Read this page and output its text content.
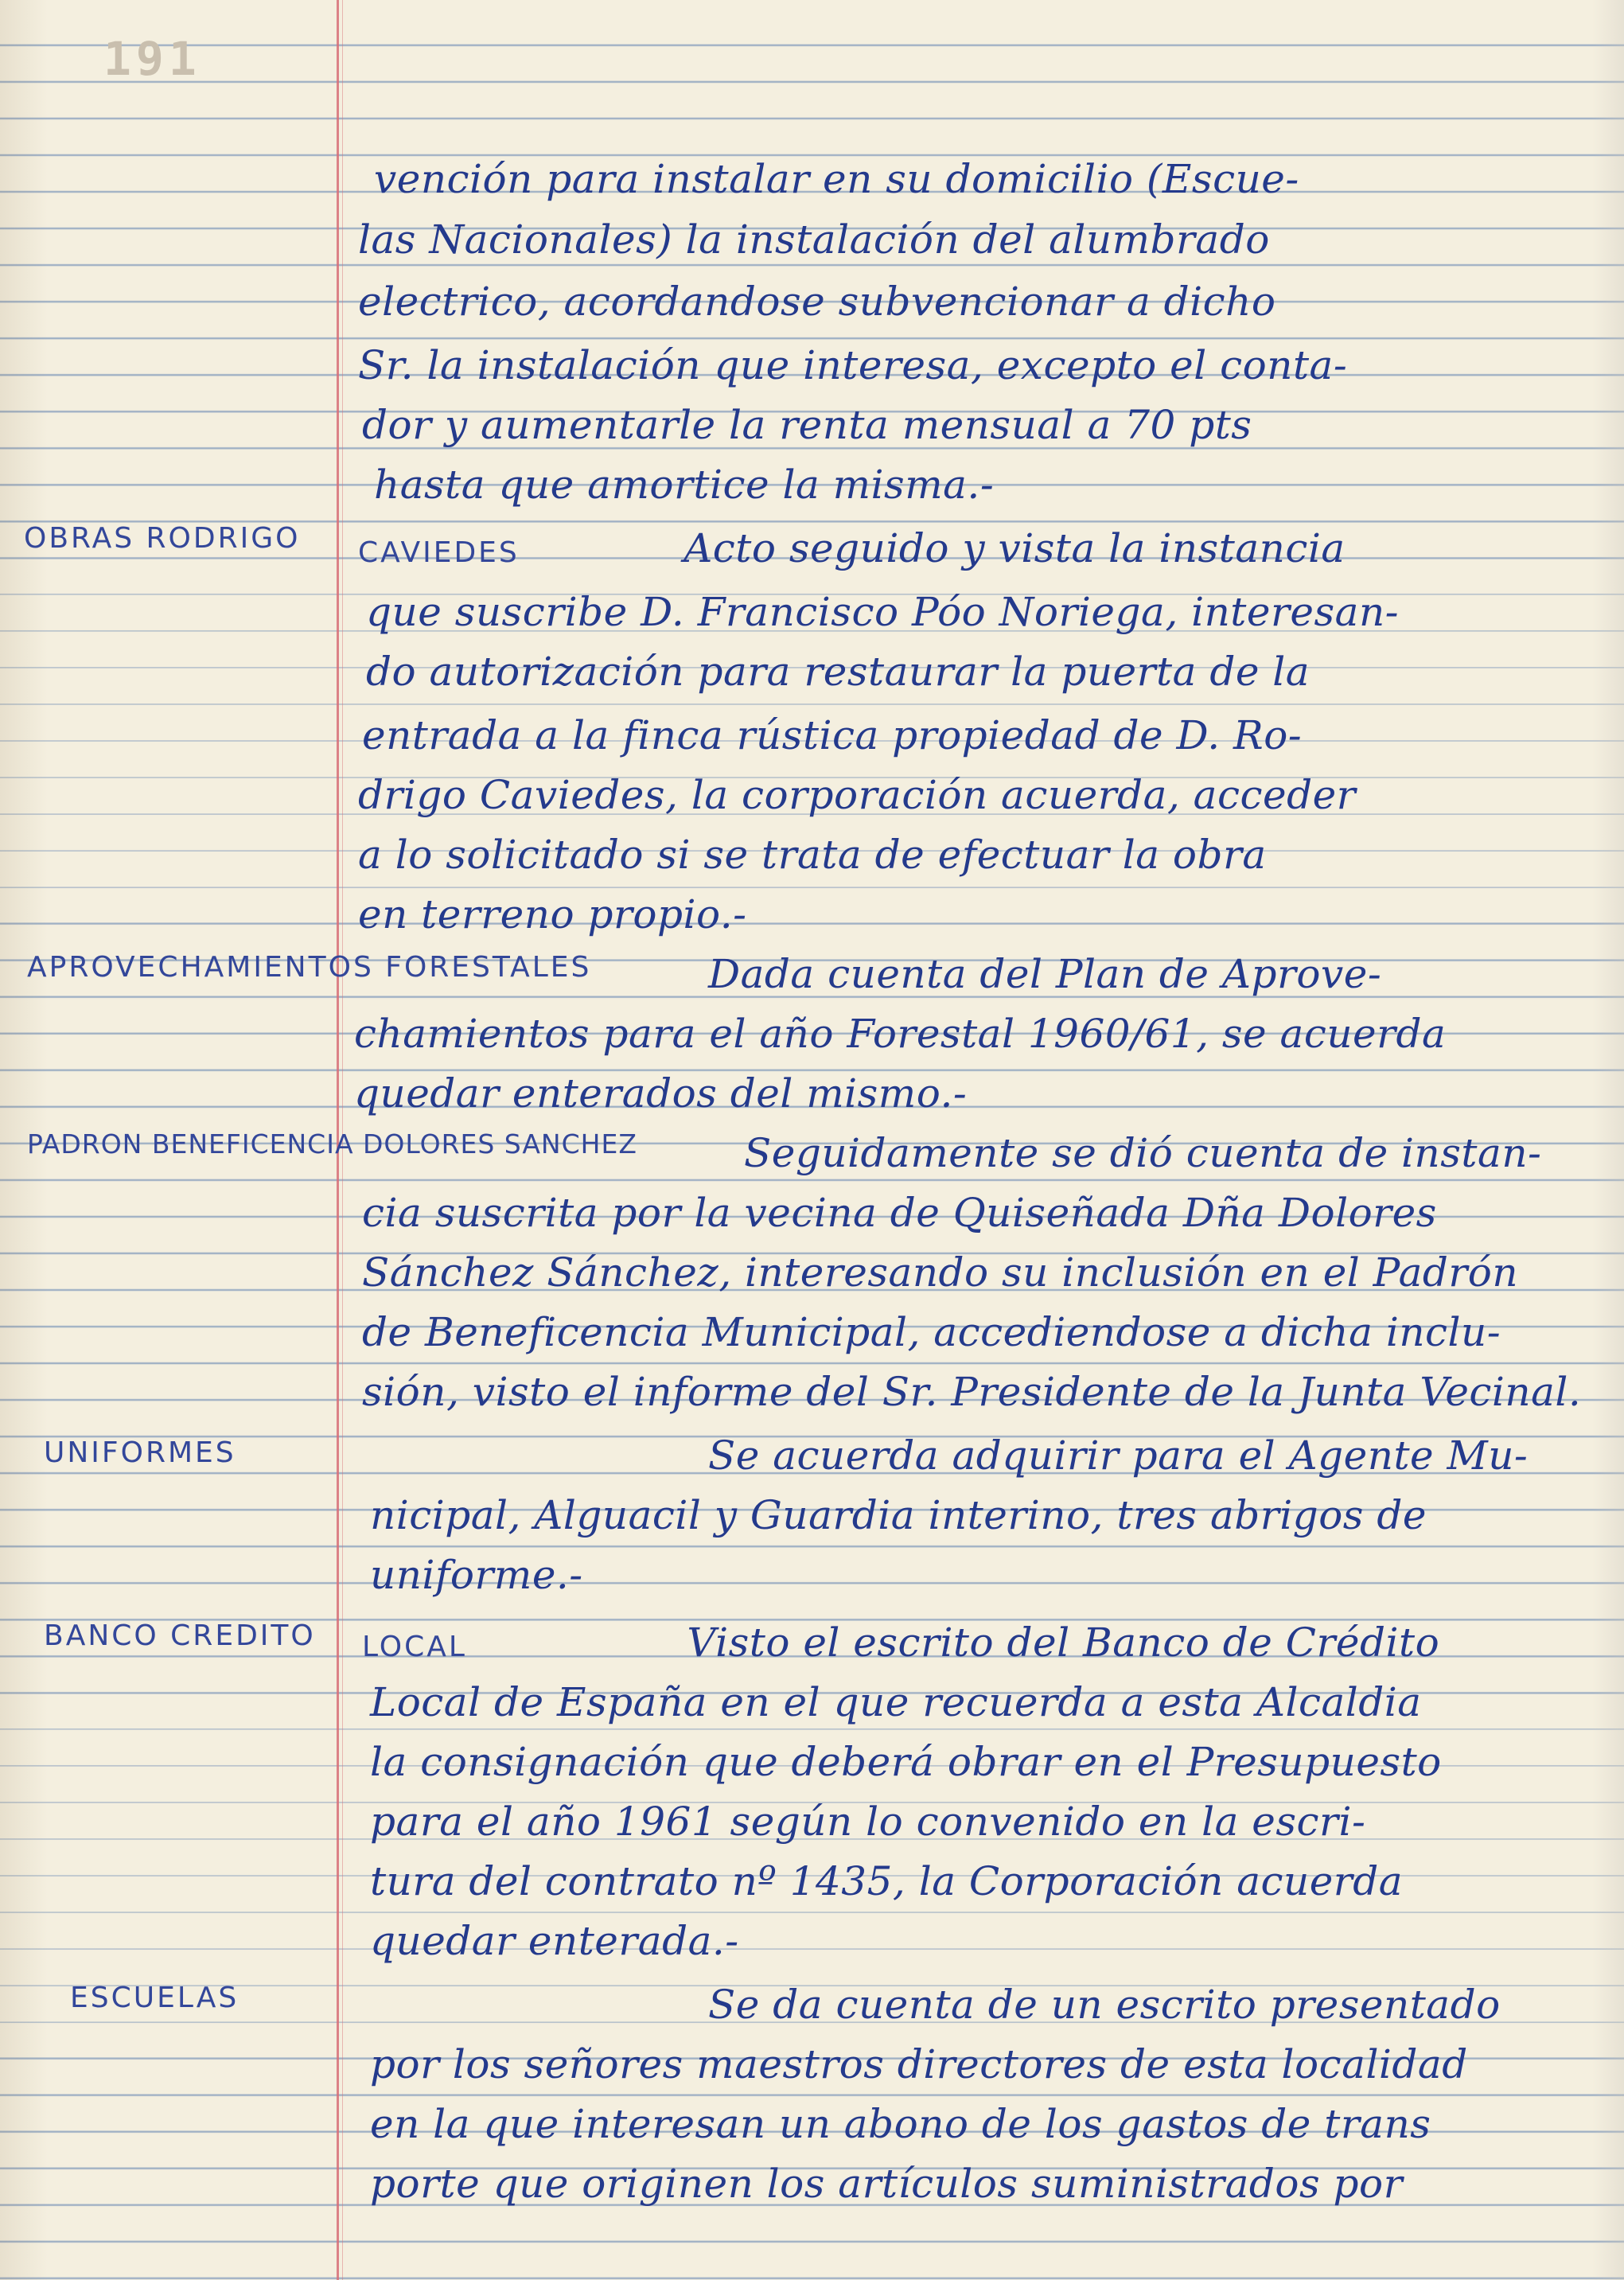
191
OBRAS RODRIGO
APROVECHAMIENTOS FORESTALES
PADRON BENEFICENCIA DOLORES SANCHEZ
UNIFORMES
BANCO CREDITO
ESCUELAS
vención para instalar en su domicilio (Escue-
las Nacionales) la instalación del alumbrado
electrico, acordandose subvencionar a dicho
Sr. la instalación que interesa, excepto el conta-
dor y aumentarle la renta mensual a 70 pts
hasta que amortice la misma.-
CAVIEDES	Acto seguido y vista la instancia
que suscribe D. Francisco Póo Noriega, interesan-
do autorización para restaurar la puerta de la
entrada a la finca rústica propiedad de D. Ro-
drigo Caviedes, la corporación acuerda, acceder
a lo solicitado si se trata de efectuar la obra
en terreno propio.-
Dada cuenta del Plan de Aprove-
chamientos para el año Forestal 1960/61, se acuerda
quedar enterados del mismo.-
Seguidamente se dió cuenta de instan-
cia suscrita por la vecina de Quiseñada Dña Dolores
Sánchez Sánchez, interesando su inclusión en el Padrón
de Beneficencia Municipal, accediendose a dicha inclu-
sión, visto el informe del Sr. Presidente de la Junta Vecinal.
Se acuerda adquirir para el Agente Mu-
nicipal, Alguacil y Guardia interino, tres abrigos de
uniforme.-
LOCAL	Visto el escrito del Banco de Crédito
Local de España en el que recuerda a esta Alcaldia
la consignación que deberá obrar en el Presupuesto
para el año 1961 según lo convenido en la escri-
tura del contrato nº 1435, la Corporación acuerda
quedar enterada.-
Se da cuenta de un escrito presentado
por los señores maestros directores de esta localidad
en la que interesan un abono de los gastos de trans
porte que originen los artículos suministrados por
